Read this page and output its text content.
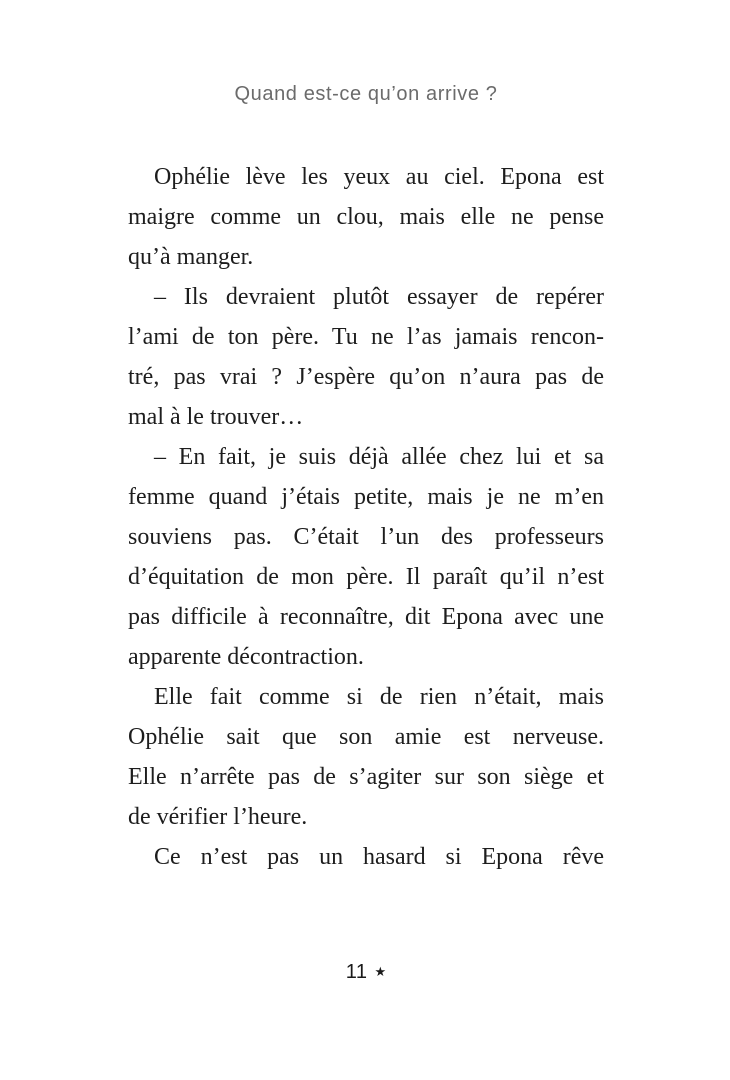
Quand est-ce qu’on arrive ?
Ophélie lève les yeux au ciel. Epona est
maigre comme un clou, mais elle ne pense
qu’à manger.
– Ils devraient plutôt essayer de repérer
l’ami de ton père. Tu ne l’as jamais rencon-
tré, pas vrai ? J’espère qu’on n’aura pas de
mal à le trouver…
– En fait, je suis déjà allée chez lui et sa
femme quand j’étais petite, mais je ne m’en
souviens pas. C’était l’un des professeurs
d’équitation de mon père. Il paraît qu’il n’est
pas difficile à reconnaître, dit Epona avec une
apparente décontraction.
Elle fait comme si de rien n’était, mais
Ophélie sait que son amie est nerveuse.
Elle n’arrête pas de s’agiter sur son siège et
de vérifier l’heure.
Ce n’est pas un hasard si Epona rêve
11 ★
